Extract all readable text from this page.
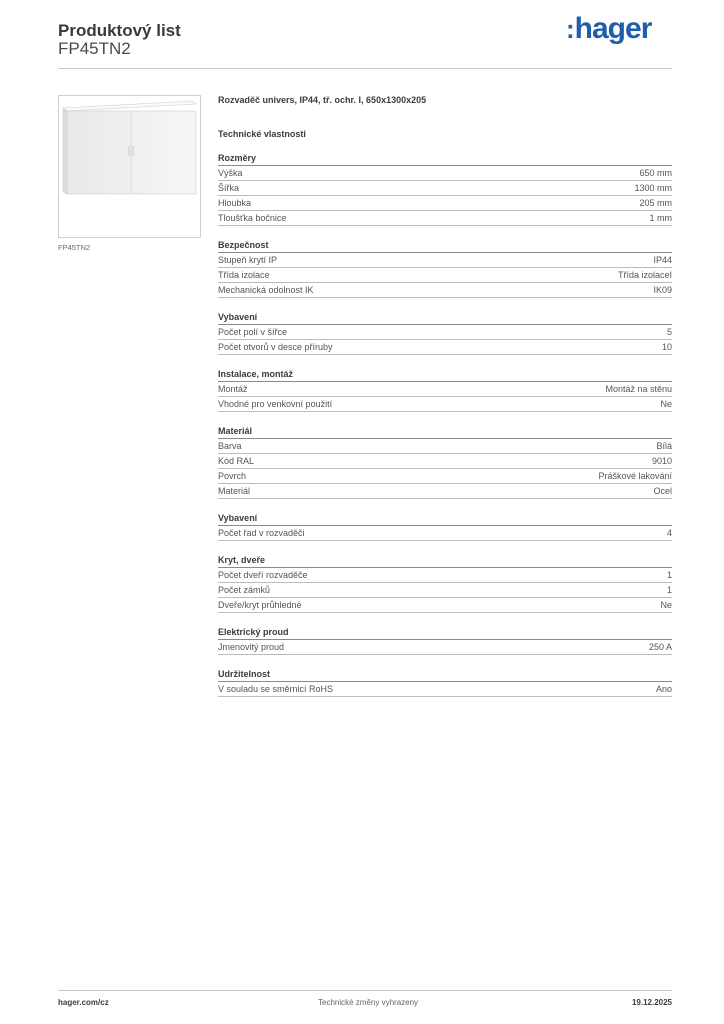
Produktový list
FP45TN2
:hager
FP45TN2
Rozvaděč univers, IP44, tř. ochr. I, 650x1300x205
Technické vlastnosti
Rozměry
Výška	650 mm
Šířka	1300 mm
Hloubka	205 mm
Tloušťka bočnice	1 mm
Bezpečnost
Stupeň krytí IP	IP44
Třída izolace	Třída izolaceI
Mechanická odolnost IK	IK09
Vybavení
Počet polí v šířce	5
Počet otvorů v desce příruby	10
Instalace, montáž
Montáž	Montáž na stěnu
Vhodné pro venkovní použití	Ne
Materiál
Barva	Bílá
Kód RAL	9010
Povrch	Práškové lakování
Materiál	Ocel
Vybavení
Počet řad v rozvaděči	4
Kryt, dveře
Počet dveří rozvaděče	1
Počet zámků	1
Dveře/kryt průhledné	Ne
Elektrický proud
Jmenovitý proud	250 A
Udržitelnost
V souladu se směrnicí RoHS	Ano
hager.com/cz	Technické změny vyhrazeny	19.12.2025
